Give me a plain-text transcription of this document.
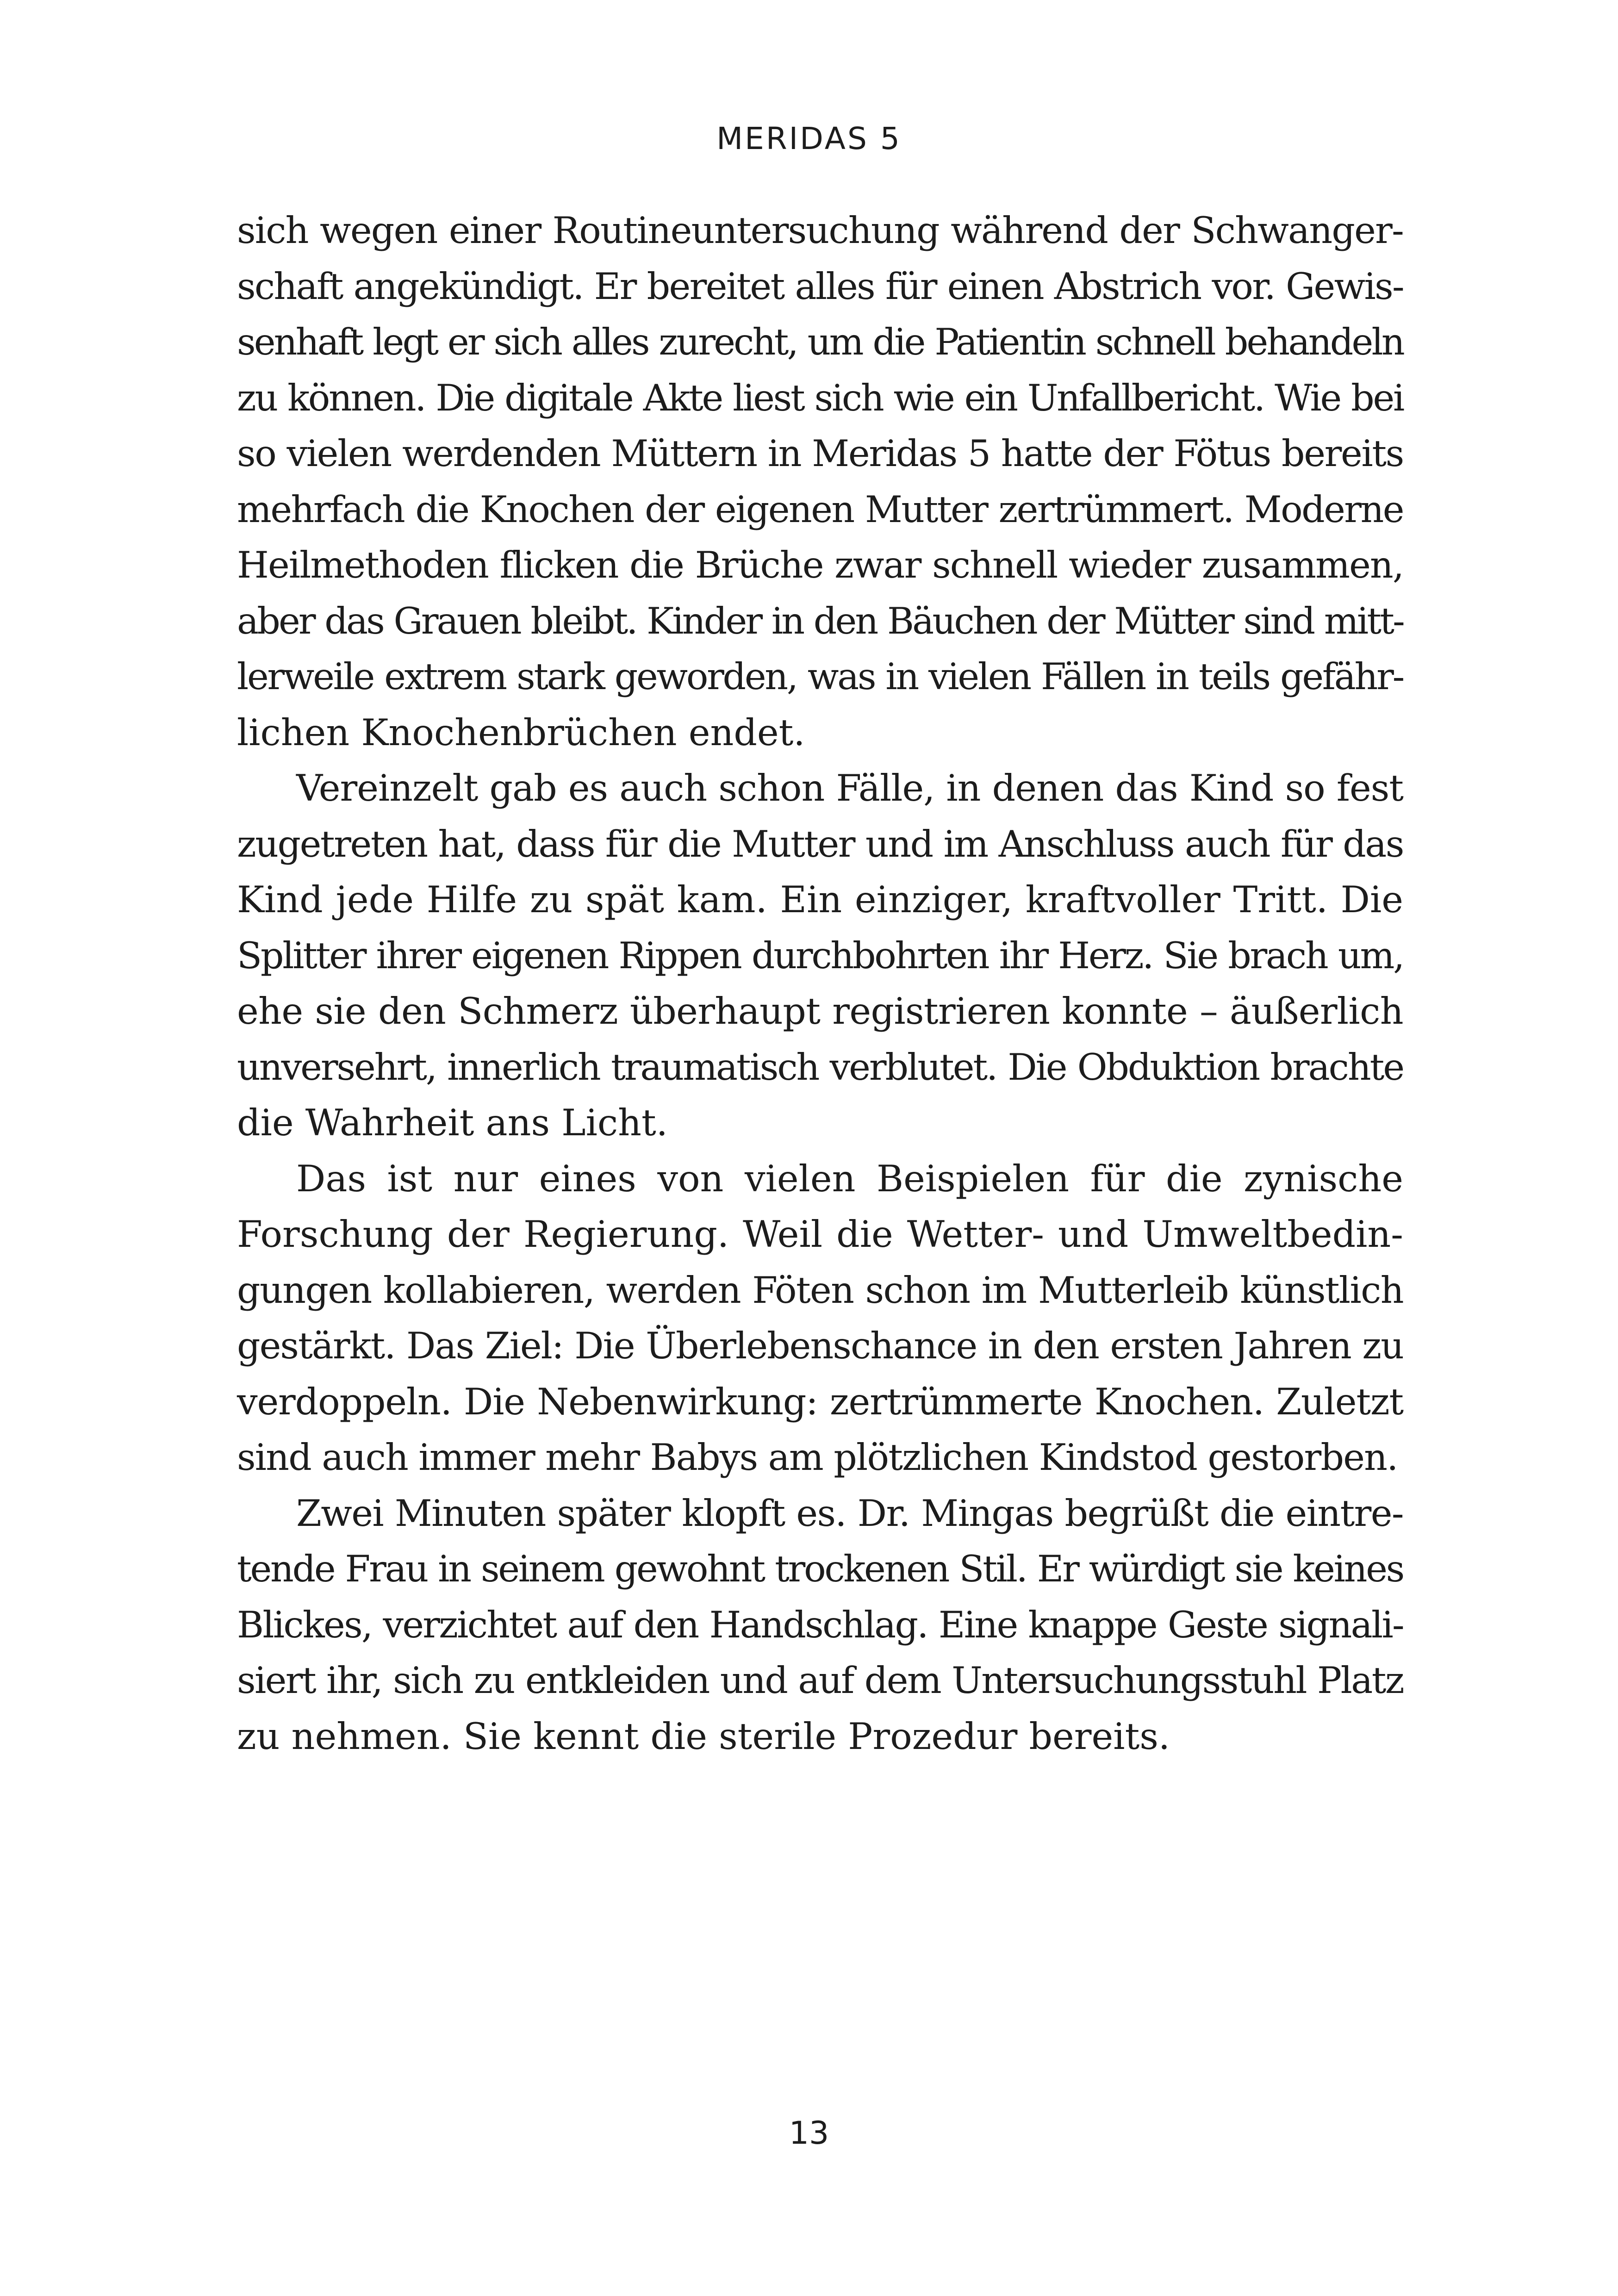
MERIDAS 5
sich wegen einer Routineuntersuchung während der Schwanger-
schaft angekündigt. Er bereitet alles für einen Abstrich vor. Gewis-
senhaft legt er sich alles zurecht, um die Patientin schnell behandeln
zu können. Die digitale Akte liest sich wie ein Unfallbericht. Wie bei
so vielen werdenden Müttern in Meridas 5 hatte der Fötus bereits
mehrfach die Knochen der eigenen Mutter zertrümmert. Moderne
Heilmethoden flicken die Brüche zwar schnell wieder zusammen,
aber das Grauen bleibt. Kinder in den Bäuchen der Mütter sind mitt-
lerweile extrem stark geworden, was in vielen Fällen in teils gefähr-
lichen Knochenbrüchen endet.
Vereinzelt gab es auch schon Fälle, in denen das Kind so fest
zugetreten hat, dass für die Mutter und im Anschluss auch für das
Kind jede Hilfe zu spät kam. Ein einziger, kraftvoller Tritt. Die
Splitter ihrer eigenen Rippen durchbohrten ihr Herz. Sie brach um,
ehe sie den Schmerz überhaupt registrieren konnte – äußerlich
unversehrt, innerlich traumatisch verblutet. Die Obduktion brachte
die Wahrheit ans Licht.
Das ist nur eines von vielen Beispielen für die zynische
Forschung der Regierung. Weil die Wetter- und Umweltbedin-
gungen kollabieren, werden Föten schon im Mutterleib künstlich
gestärkt. Das Ziel: Die Überlebenschance in den ersten Jahren zu
verdoppeln. Die Nebenwirkung: zertrümmerte Knochen. Zuletzt
sind auch immer mehr Babys am plötzlichen Kindstod gestorben.
Zwei Minuten später klopft es. Dr. Mingas begrüßt die eintre-
tende Frau in seinem gewohnt trockenen Stil. Er würdigt sie keines
Blickes, verzichtet auf den Handschlag. Eine knappe Geste signali-
siert ihr, sich zu entkleiden und auf dem Untersuchungsstuhl Platz
zu nehmen. Sie kennt die sterile Prozedur bereits.
13
